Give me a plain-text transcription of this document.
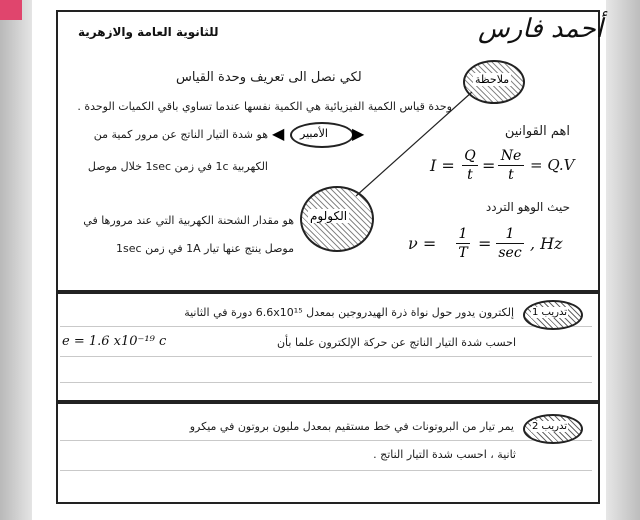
للثانوية العامة والازهرية	أحمد فارس
ملاحظة
لكي نصل الى تعريف وحدة القياس
وحدة قياس الكمية الفيزيائية هي الكمية نفسها عندما تساوي باقي الكميات الوحدة .
◀ الأمبير ▶
هو شدة التيار الناتج عن مرور كمية من
الكهربية 1c في زمن 1sec خلال موصل
الكولوم
هو مقدار الشحنة الكهربية التي عند مرورها في
موصل ينتج عنها تيار 1A في زمن 1sec
اهم القوانين
I = Q
t = Ne
t
= Q.V
حيث الوهو التردد
ν = 1
T = 1
sec , Hz
تدريب 1
إلكترون يدور حول نواة ذرة الهيدروجين بمعدل 6.6x10¹⁵ دورة في الثانية
احسب شدة التيار الناتج عن حركة الإلكترون علما بأن
e = 1.6 x10⁻¹⁹ c
تدريب 2
يمر تيار من البروتونات في خط مستقيم بمعدل مليون بروتون في ميكرو
ثانية ، احسب شدة التيار الناتج .
